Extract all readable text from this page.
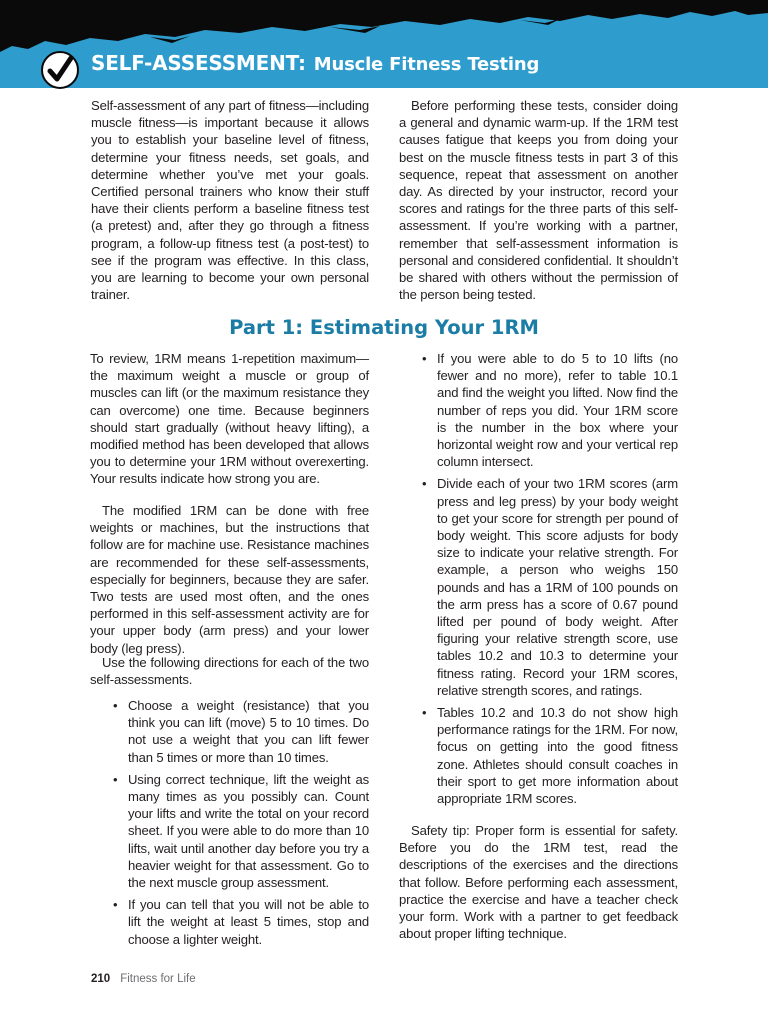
SELF-ASSESSMENT: Muscle Fitness Testing

Self-assessment of any part of fitness—including muscle fitness—is important because it allows you to establish your baseline level of fitness, determine your fitness needs, set goals, and determine whether you’ve met your goals. Certified personal trainers who know their stuff have their clients perform a baseline fitness test (a pretest) and, after they go through a fitness program, a follow-up fitness test (a post-test) to see if the program was effective. In this class, you are learning to become your own personal trainer.

Before performing these tests, consider doing a general and dynamic warm-up. If the 1RM test causes fatigue that keeps you from doing your best on the muscle fitness tests in part 3 of this sequence, repeat that assessment on another day. As directed by your instructor, record your scores and ratings for the three parts of this self-assessment. If you’re working with a partner, remember that self-assessment information is personal and considered confidential. It shouldn’t be shared with others without the permission of the person being tested.

Part 1: Estimating Your 1RM

To review, 1RM means 1-repetition maximum—the maximum weight a muscle or group of muscles can lift (or the maximum resistance they can overcome) one time. Because beginners should start gradually (without heavy lifting), a modified method has been developed that allows you to determine your 1RM without overexerting. Your results indicate how strong you are.

The modified 1RM can be done with free weights or machines, but the instructions that follow are for machine use. Resistance machines are recommended for these self-assessments, especially for beginners, because they are safer. Two tests are used most often, and the ones performed in this self-assessment activity are for your upper body (arm press) and your lower body (leg press).

Use the following directions for each of the two self-assessments.

• Choose a weight (resistance) that you think you can lift (move) 5 to 10 times. Do not use a weight that you can lift fewer than 5 times or more than 10 times.
• Using correct technique, lift the weight as many times as you possibly can. Count your lifts and write the total on your record sheet. If you were able to do more than 10 lifts, wait until another day before you try a heavier weight for that assessment. Go to the next muscle group assessment.
• If you can tell that you will not be able to lift the weight at least 5 times, stop and choose a lighter weight.
• If you were able to do 5 to 10 lifts (no fewer and no more), refer to table 10.1 and find the weight you lifted. Now find the number of reps you did. Your 1RM score is the number in the box where your horizontal weight row and your vertical rep column intersect.
• Divide each of your two 1RM scores (arm press and leg press) by your body weight to get your score for strength per pound of body weight. This score adjusts for body size to indicate your relative strength. For example, a person who weighs 150 pounds and has a 1RM of 100 pounds on the arm press has a score of 0.67 pound lifted per pound of body weight. After figuring your relative strength score, use tables 10.2 and 10.3 to determine your fitness rating. Record your 1RM scores, relative strength scores, and ratings.
• Tables 10.2 and 10.3 do not show high performance ratings for the 1RM. For now, focus on getting into the good fitness zone. Athletes should consult coaches in their sport to get more information about appropriate 1RM scores.

Safety tip: Proper form is essential for safety. Before you do the 1RM test, read the descriptions of the exercises and the directions that follow. Before performing each assessment, practice the exercise and have a teacher check your form. Work with a partner to get feedback about proper lifting technique.

210 Fitness for Life
